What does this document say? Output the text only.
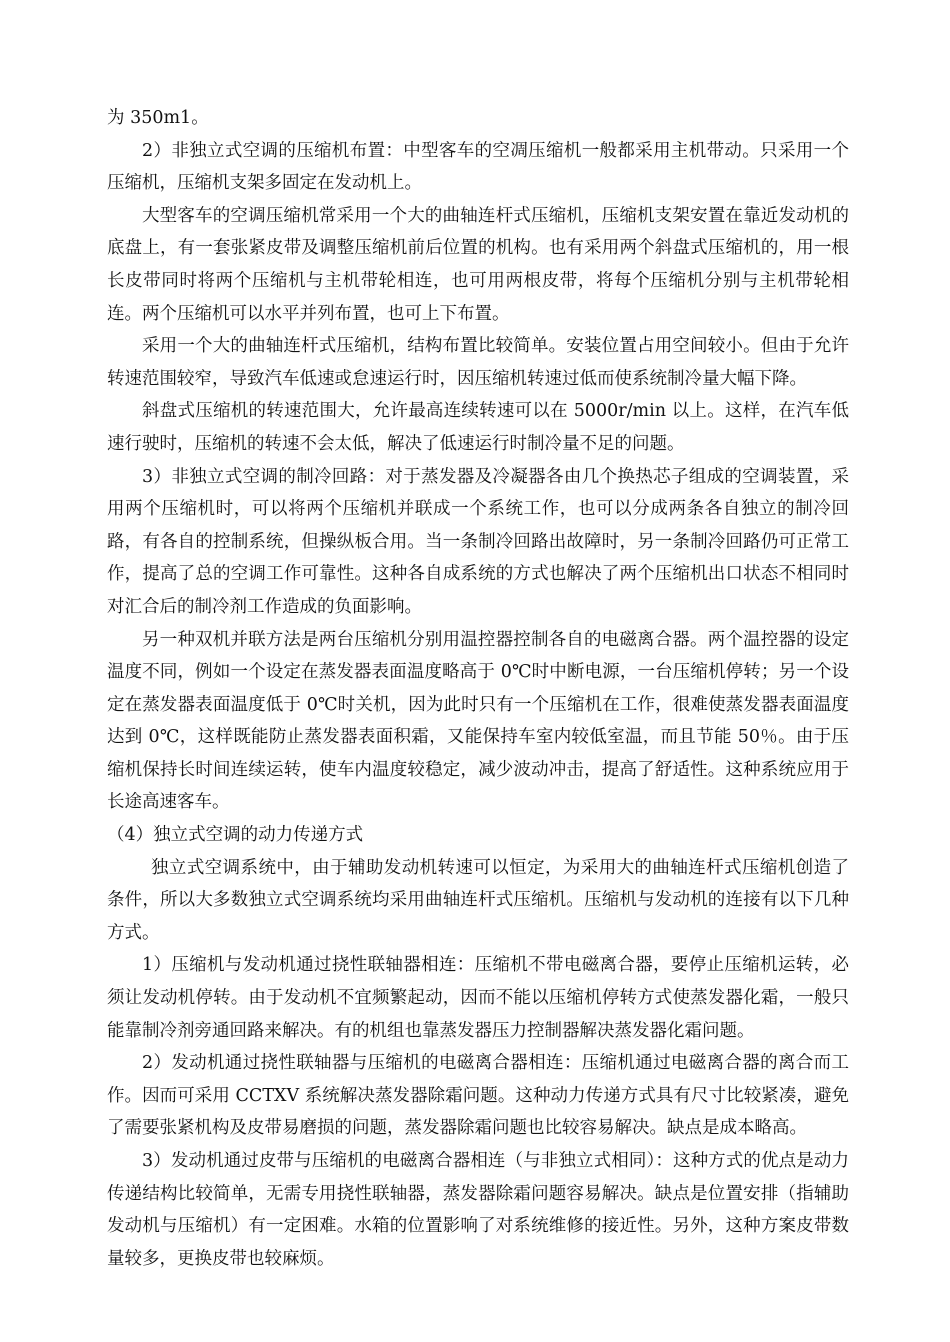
为 350m1。

2）非独立式空调的压缩机布置：中型客车的空凋压缩机一般都采用主机带动。只采用一个压缩机，压缩机支架多固定在发动机上。

大型客车的空调压缩机常采用一个大的曲轴连杆式压缩机，压缩机支架安置在靠近发动机的底盘上，有一套张紧皮带及调整压缩机前后位置的机构。也有采用两个斜盘式压缩机的，用一根长皮带同时将两个压缩机与主机带轮相连，也可用两根皮带，将每个压缩机分别与主机带轮相连。两个压缩机可以水平并列布置，也可上下布置。

采用一个大的曲轴连杆式压缩机，结构布置比较简单。安装位置占用空间较小。但由于允许转速范围较窄，导致汽车低速或怠速运行时，因压缩机转速过低而使系统制冷量大幅下降。

斜盘式压缩机的转速范围大，允许最高连续转速可以在 5000r/min 以上。这样，在汽车低速行驶时，压缩机的转速不会太低，解决了低速运行时制冷量不足的问题。

3）非独立式空调的制冷回路：对于蒸发器及冷凝器各由几个换热芯子组成的空调装置，采用两个压缩机时，可以将两个压缩机并联成一个系统工作，也可以分成两条各自独立的制冷回路，有各自的控制系统，但操纵板合用。当一条制冷回路出故障时，另一条制冷回路仍可正常工作，提高了总的空调工作可靠性。这种各自成系统的方式也解决了两个压缩机出口状态不相同时对汇合后的制冷剂工作造成的负面影响。

另一种双机并联方法是两台压缩机分别用温控器控制各自的电磁离合器。两个温控器的设定温度不同，例如一个设定在蒸发器表面温度略高于 0℃时中断电源，一台压缩机停转；另一个设定在蒸发器表面温度低于 0℃时关机，因为此时只有一个压缩机在工作，很难使蒸发器表面温度达到 0℃，这样既能防止蒸发器表面积霜，又能保持车室内较低室温，而且节能 50％。由于压缩机保持长时间连续运转，使车内温度较稳定，减少波动冲击，提高了舒适性。这种系统应用于长途高速客车。

（4）独立式空调的动力传递方式

独立式空调系统中，由于辅助发动机转速可以恒定，为采用大的曲轴连杆式压缩机创造了条件，所以大多数独立式空调系统均采用曲轴连杆式压缩机。压缩机与发动机的连接有以下几种方式。

1）压缩机与发动机通过挠性联轴器相连：压缩机不带电磁离合器，要停止压缩机运转，必须让发动机停转。由于发动机不宜频繁起动，因而不能以压缩机停转方式使蒸发器化霜，一般只能靠制冷剂旁通回路来解决。有的机组也靠蒸发器压力控制器解决蒸发器化霜问题。

2）发动机通过挠性联轴器与压缩机的电磁离合器相连：压缩机通过电磁离合器的离合而工作。因而可采用 CCTXV 系统解决蒸发器除霜问题。这种动力传递方式具有尺寸比较紧凑，避免了需要张紧机构及皮带易磨损的问题，蒸发器除霜问题也比较容易解决。缺点是成本略高。

3）发动机通过皮带与压缩机的电磁离合器相连（与非独立式相同）：这种方式的优点是动力传递结构比较简单，无需专用挠性联轴器，蒸发器除霜问题容易解决。缺点是位置安排（指辅助发动机与压缩机）有一定困难。水箱的位置影响了对系统维修的接近性。另外，这种方案皮带数量较多，更换皮带也较麻烦。
